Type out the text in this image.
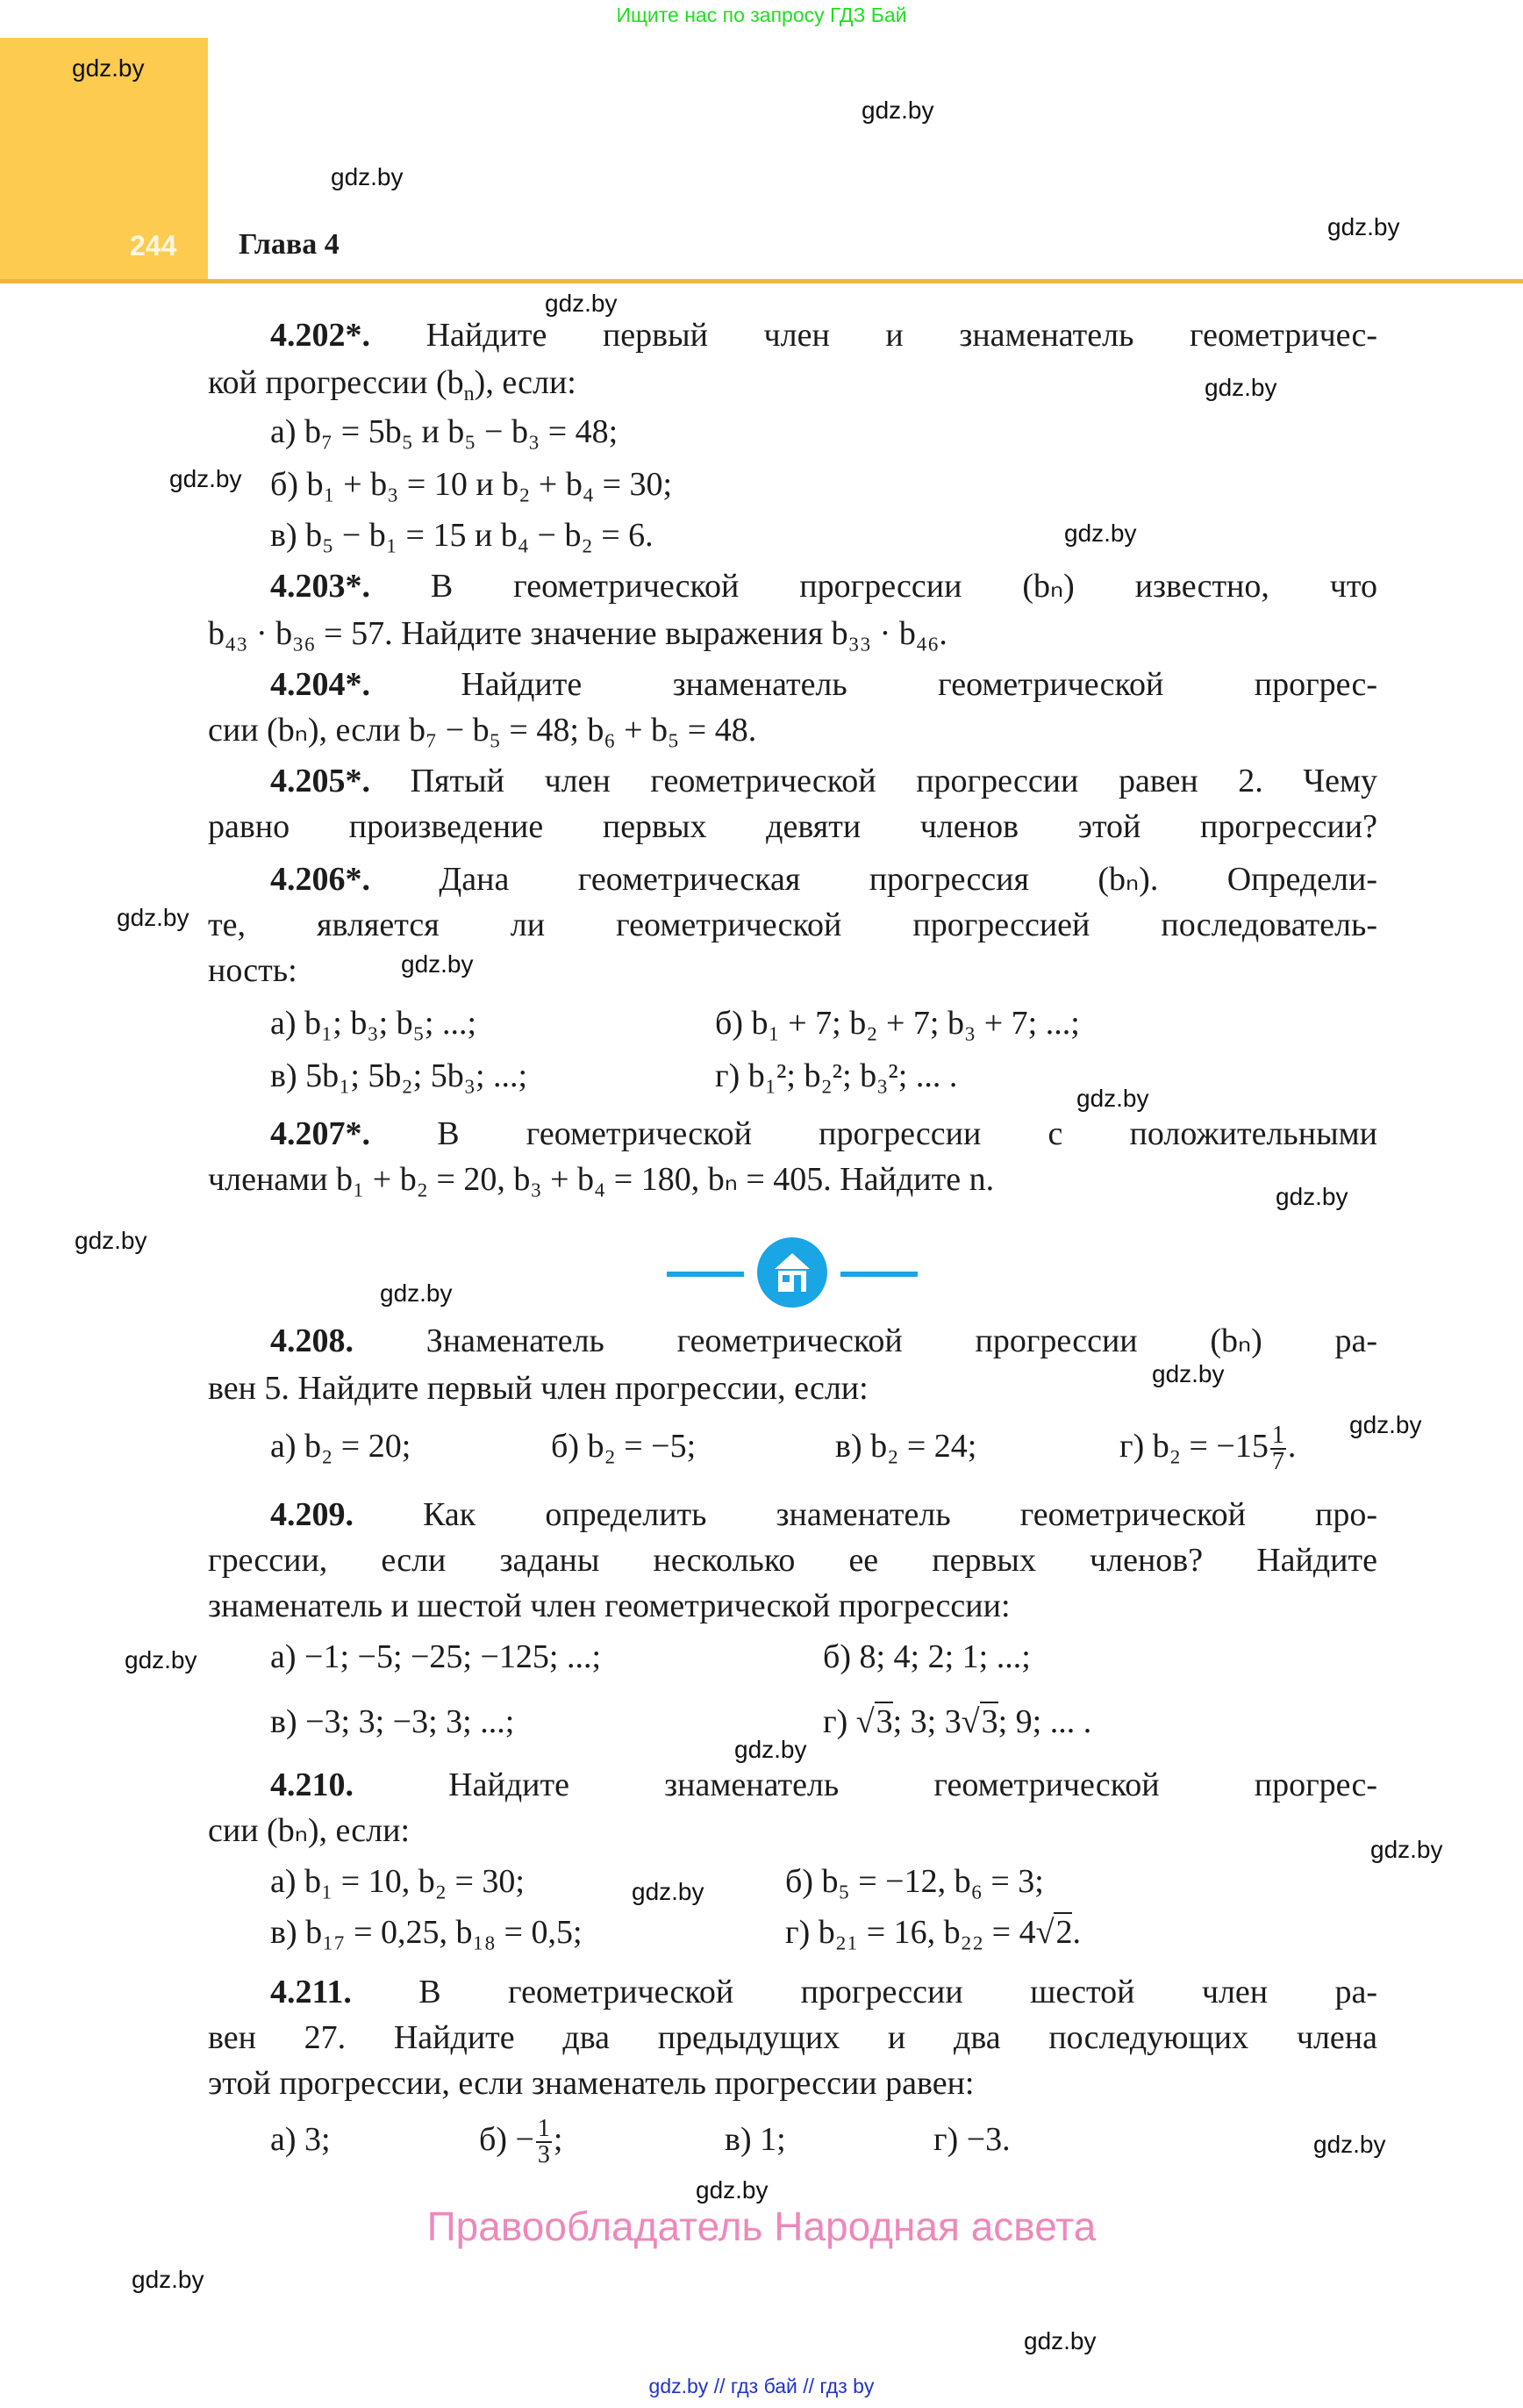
Ищите нас по запросу ГДЗ Бай
244 Глава 4
gdz.by
gdz.by
gdz.by
gdz.by
gdz.by
gdz.by
gdz.by
gdz.by
gdz.by
gdz.by
gdz.by
gdz.by
gdz.by
gdz.by
gdz.by
gdz.by
gdz.by
gdz.by
gdz.by
gdz.by
gdz.by
gdz.by
gdz.by
gdz.by
4.202*. Найдите первый член и знаменатель геометричес-
кой прогрессии $(b_n)$, если:
а) b₇ = 5b₅ и b₅ − b₃ = 48;
б) b₁ + b₃ = 10 и b₂ + b₄ = 30;
в) b₅ − b₁ = 15 и b₄ − b₂ = 6.
4.203*. В геометрической прогрессии (bₙ) известно, что
b₄₃ · b₃₆ = 57. Найдите значение выражения b₃₃ · b₄₆.
4.204*.	Найдите знаменатель геометрической прогрес-
сии (bₙ), если b₇ − b₅ = 48; b₆ + b₅ = 48.
4.205*. Пятый член геометрической прогрессии равен 2. Чему
равно произведение первых девяти членов этой прогрессии?
4.206*. Дана геометрическая прогрессия (bₙ). Определи-
те, является ли геометрической прогрессией последователь-
ность:
а) b₁; b₃; b₅; ...;	б) b₁ + 7; b₂ + 7; b₃ + 7; ...;
в) 5b₁; 5b₂; 5b₃; ...;	г) b₁²; b₂²; b₃²; ... .
4.207*. В геометрической прогрессии с положительными
членами b₁ + b₂ = 20, b₃ + b₄ = 180, bₙ = 405. Найдите n.
4.208. Знаменатель геометрической прогрессии (bₙ) ра-
вен 5. Найдите первый член прогрессии, если:
а) b₂ = 20;	б) b₂ = −5;	в) b₂ = 24;	г) $b_2 = -15 \frac{1}{7}$ .
4.209. Как определить знаменатель геометрической про-
грессии, если заданы несколько ее первых членов? Найдите
знаменатель и шестой член геометрической прогрессии:
а) −1; −5; −25; −125; ...;	б) 8; 4; 2; 1; ...;
в) −3; 3; −3; 3; ...;	г) √3; 3; 3√3; 9; ... .
4.210.	Найдите знаменатель геометрической прогрес-
сии (bₙ), если:
а) b₁ = 10, b₂ = 30;	б) b₅ = −12, b₆ = 3;
в) b₁₇ = 0,25, b₁₈ = 0,5;	г) b₂₁ = 16, b₂₂ = 4√2.
4.211. В геометрической прогрессии шестой член ра-
вен 27. Найдите два предыдущих и два последующих члена
этой прогрессии, если знаменатель прогрессии равен:
а) 3;	$б) - \frac{1}{3}$ ;	в) 1;	г) −3.
Правообладатель Народная асвета
gdz.by // гдз бай // гдз by
